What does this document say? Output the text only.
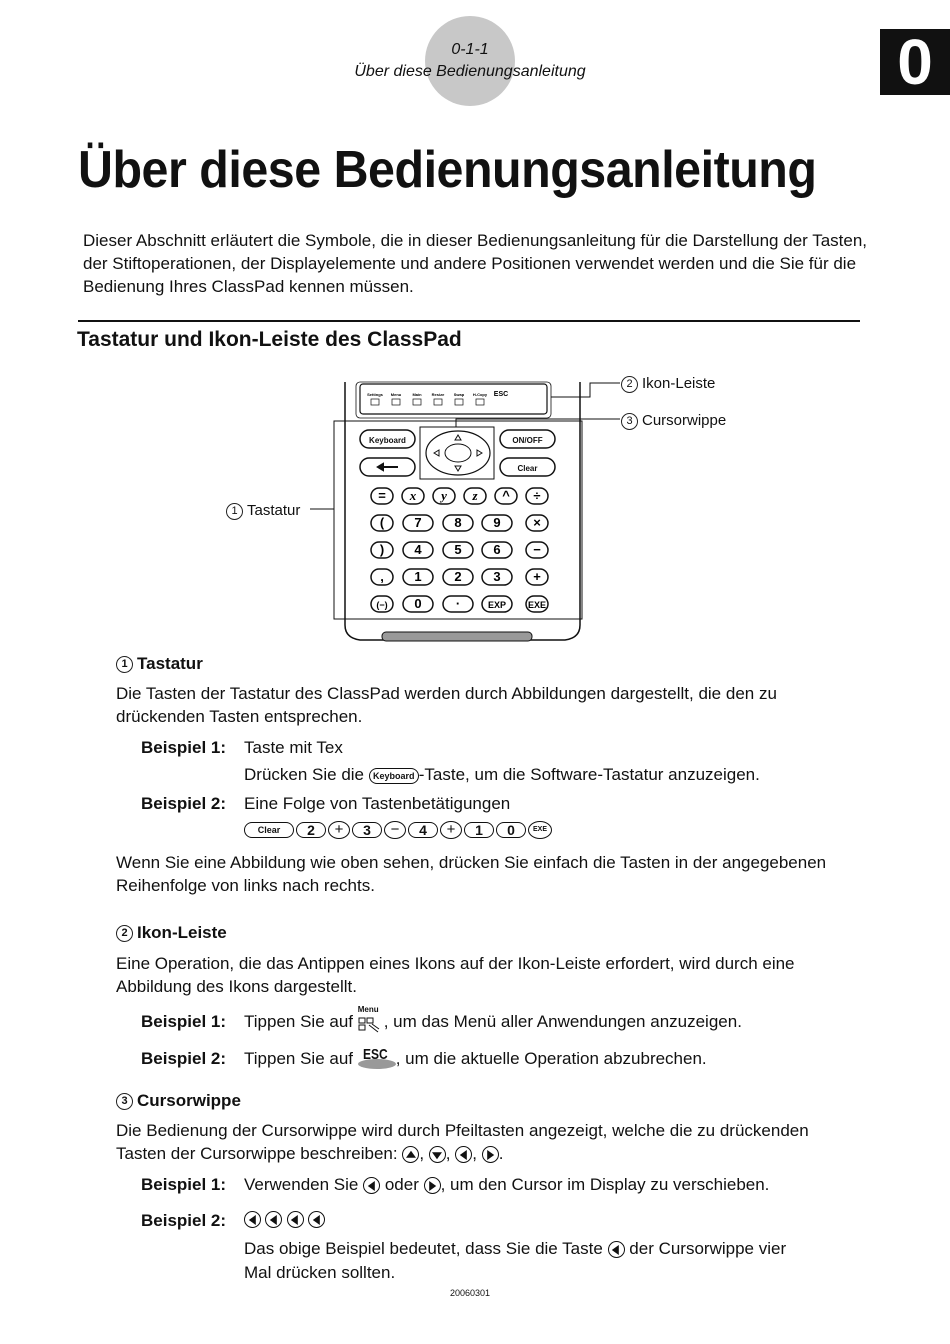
0-1-1
Über diese Bedienungsanleitung	0
Über diese Bedienungsanleitung
Dieser Abschnitt erläutert die Symbole, die in dieser Bedienungsanleitung für die Darstellung der Tasten, der Stiftoperationen, der Displayelemente und andere Positionen verwendet werden und die Sie für die Bedienung Ihres ClassPad kennen müssen.
Tastatur und Ikon-Leiste des ClassPad
= x y z ^ ÷
( 7	8 9	×
) 4	5 6	−
, 1	2 3	+
(−) 0	·	EXP EXE
Keyboard	ON/OFF
Clear
Settings Menu	Main	Resize Swap H-Copy ESC
2 Ikon-Leiste
3 Cursorwippe
1 Tastatur
1 Tastatur
Die Tasten der Tastatur des ClassPad werden durch Abbildungen dargestellt, die den zu drückenden Tasten entsprechen.
Beispiel 1: Taste mit Tex
Drücken Sie die Keyboard -Taste, um die Software-Tastatur anzuzeigen.
Beispiel 2: Eine Folge von Tastenbetätigungen
Clear 2 + 3 − 4 + 1 0	EXE
Wenn Sie eine Abbildung wie oben sehen, drücken Sie einfach die Tasten in der angegebenen Reihenfolge von links nach rechts.
2 Ikon-Leiste
Eine Operation, die das Antippen eines Ikons auf der Ikon-Leiste erfordert, wird durch eine Abbildung des Ikons dargestellt.
Beispiel 1: Tippen Sie auf
Menu
, um das Menü aller Anwendungen anzuzeigen.
Beispiel 2: Tippen Sie auf ESC , um die aktuelle Operation abzubrechen.
3 Cursorwippe
Die Bedienung der Cursorwippe wird durch Pfeiltasten angezeigt, welche die zu drückenden
Tasten der Cursorwippe beschreiben: , , , .
Beispiel 1: Verwenden Sie oder , um den Cursor im Display zu verschieben.
Beispiel 2:

Das obige Beispiel bedeutet, dass Sie die Taste der Cursorwippe vier
Mal drücken sollten.
20060301
